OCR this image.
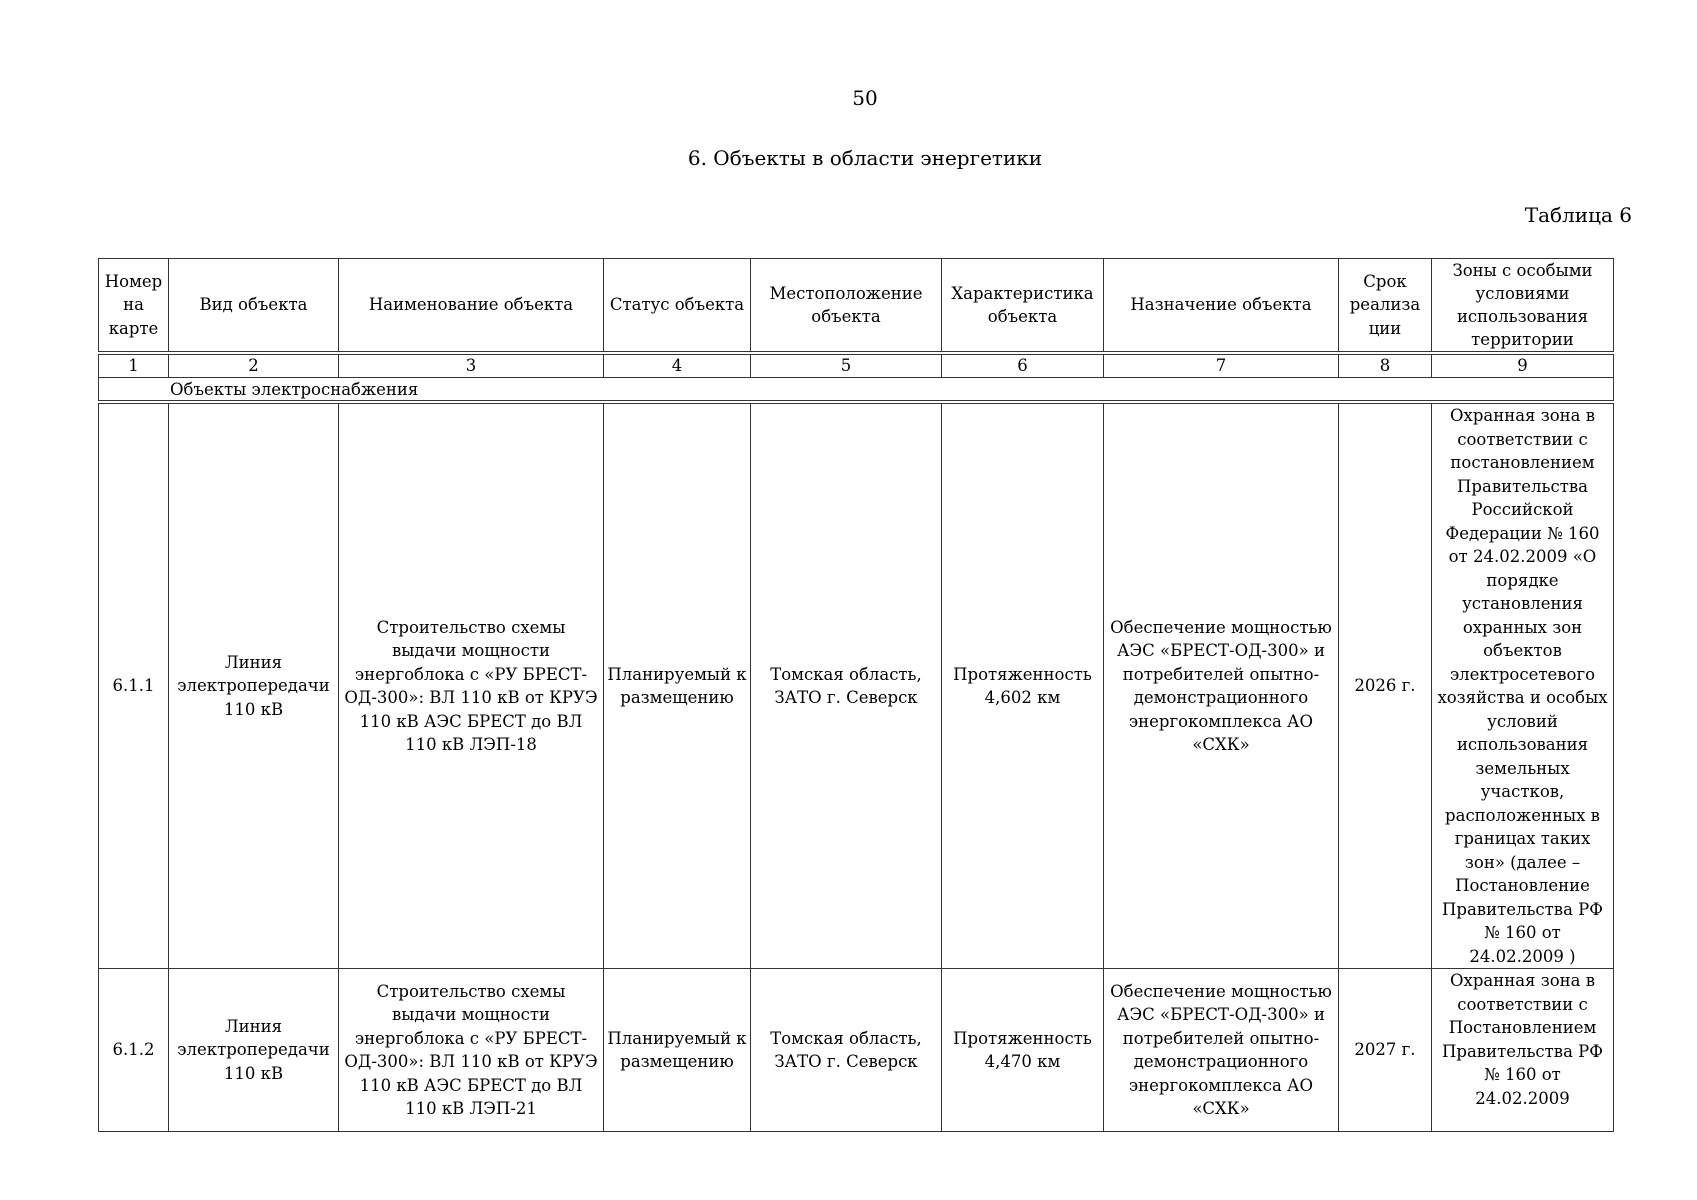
50
6. Объекты в области энергетики
Таблица 6
Номер на карте	Вид объекта	Наименование объекта	Статус объекта	Местоположение объекта	Характеристика объекта	Назначение объекта	Срок реализа ции	Зоны с особыми условиями использования территории
1	2	3	4	5	6	7	8	9
Объекты электроснабжения								
6.1.1	Линия электропередачи 110 кВ	Строительство схемы выдачи мощности энергоблока с «РУ БРЕСТ-ОД-300»: ВЛ 110 кВ от КРУЭ 110 кВ АЭС БРЕСТ до ВЛ 110 кВ ЛЭП-18	Планируемый к размещению	Томская область, ЗАТО г. Северск	Протяженность 4,602 км	Обеспечение мощностью АЭС «БРЕСТ-ОД-300» и потребителей опытно-демонстрационного энергокомплекса АО «СХК»	2026 г.	Охранная зона в соответствии с постановлением Правительства Российской Федерации № 160 от 24.02.2009 «О порядке установления охранных зон объектов электросетевого хозяйства и особых условий использования земельных участков, расположенных в границах таких зон» (далее – Постановление Правительства РФ № 160 от 24.02.2009 )
6.1.2	Линия электропередачи 110 кВ	Строительство схемы выдачи мощности энергоблока с «РУ БРЕСТ-ОД-300»: ВЛ 110 кВ от КРУЭ 110 кВ АЭС БРЕСТ до ВЛ 110 кВ ЛЭП-21	Планируемый к размещению	Томская область, ЗАТО г. Северск	Протяженность 4,470 км	Обеспечение мощностью АЭС «БРЕСТ-ОД-300» и потребителей опытно-демонстрационного энергокомплекса АО «СХК»	2027 г.	Охранная зона в соответствии с Постановлением Правительства РФ № 160 от 24.02.2009
